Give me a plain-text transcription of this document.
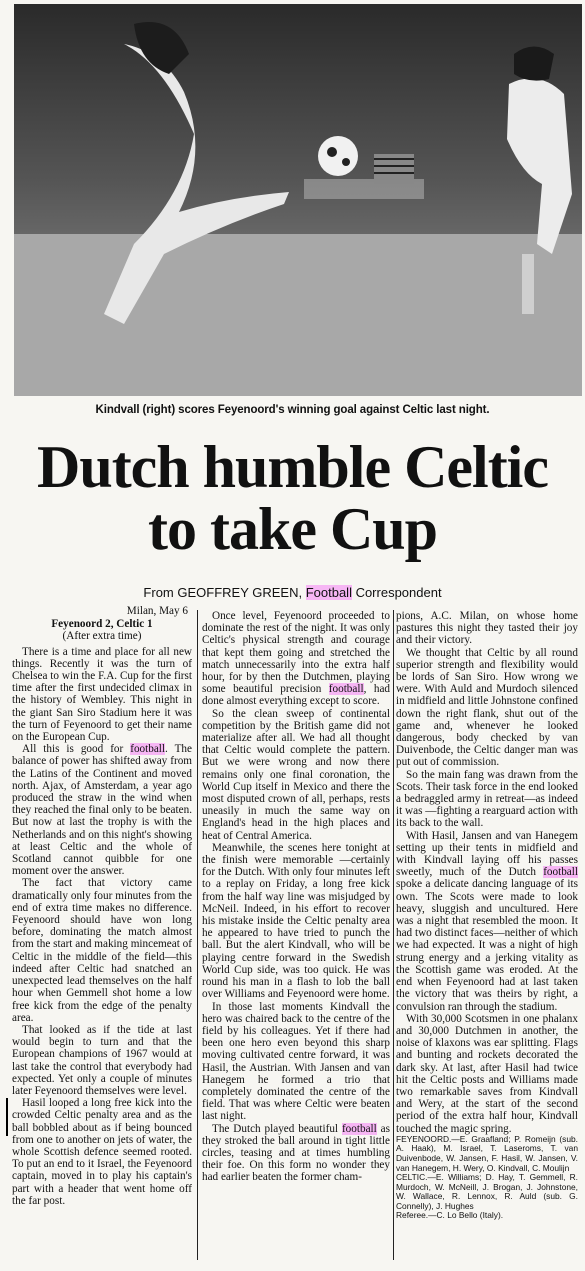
Kindvall (right) scores Feyenoord's winning goal against Celtic last night.
Dutch humble Celtic
to take Cup
From GEOFFREY GREEN, Football Correspondent
Milan, May 6
Feyenoord 2, Celtic 1
(After extra time)

There is a time and place for all new things. Recently it was the turn of Chelsea to win the F.A. Cup for the first time after the first undecided climax in the history of Wembley. This night in the giant San Siro Stadium here it was the turn of Feyenoord to get their name on the European Cup.

All this is good for football. The balance of power has shifted away from the Latins of the Continent and moved north. Ajax, of Amsterdam, a year ago produced the straw in the wind when they reached the final only to be beaten. But now at last the trophy is with the Netherlands and on this night's showing at least Celtic and the whole of Scotland cannot quibble for one moment over the answer.

The fact that victory came dramatically only four minutes from the end of extra time makes no difference. Feyenoord should have won long before, dominating the match almost from the start and making mincemeat of Celtic in the middle of the field—this indeed after Celtic had snatched an unexpected lead themselves on the half hour when Gemmell shot home a low free kick from the edge of the penalty area.

That looked as if the tide at last would begin to turn and that the European champions of 1967 would at last take the control that everybody had expected. Yet only a couple of minutes later Feyenoord themselves were level.

Hasil looped a long free kick into the crowded Celtic penalty area and as the ball bobbled about as if being bounced from one to another on jets of water, the whole Scottish defence seemed rooted. To put an end to it Israel, the Feyenoord captain, moved in to play his captain's part with a header that went home off the far post.

Once level, Feyenoord proceeded to dominate the rest of the night. It was only Celtic's physical strength and courage that kept them going and stretched the match unnecessarily into the extra half hour, for by then the Dutchmen, playing some beautiful precision football, had done almost everything except to score.

So the clean sweep of continental competition by the British game did not materialize after all. We had all thought that Celtic would complete the pattern. But we were wrong and now there remains only one final coronation, the World Cup itself in Mexico and there the most disputed crown of all, perhaps, rests uneasily in much the same way on England's head in the high places and heat of Central America.

Meanwhile, the scenes here tonight at the finish were memorable —certainly for the Dutch. With only four minutes left to a replay on Friday, a long free kick from the half way line was misjudged by McNeil. Indeed, in his effort to recover his mistake inside the Celtic penalty area he appeared to have tried to punch the ball. But the alert Kindvall, who will be playing centre forward in the Swedish World Cup side, was too quick. He was round his man in a flash to lob the ball over Williams and Feyenoord were home.

In those last moments Kindvall the hero was chaired back to the centre of the field by his colleagues. Yet if there had been one hero even beyond this sharp moving cultivated centre forward, it was Hasil, the Austrian. With Jansen and van Hanegem he formed a trio that completely dominated the centre of the field. That was where Celtic were beaten last night.

The Dutch played beautiful football as they stroked the ball around in tight little circles, teasing and at times humbling their foe. On this form no wonder they had earlier beaten the former cham-

pions, A.C. Milan, on whose home pastures this night they tasted their joy and their victory.

We thought that Celtic by all round superior strength and flexibility would be lords of San Siro. How wrong we were. With Auld and Murdoch silenced in midfield and little Johnstone confined down the right flank, shut out of the game and, whenever he looked dangerous, body checked by van Duivenbode, the Celtic danger man was put out of commission.

So the main fang was drawn from the Scots. Their task force in the end looked a bedraggled army in retreat—as indeed it was —fighting a rearguard action with its back to the wall.

With Hasil, Jansen and van Hanegem setting up their tents in midfield and with Kindvall laying off his passes sweetly, much of the Dutch football spoke a delicate dancing language of its own. The Scots were made to look heavy, sluggish and uncultured. Here was a night that resembled the moon. It had two distinct faces—neither of which we had expected. It was a night of high strung energy and a jerking vitality as the Scottish game was eroded. At the end when Feyenoord had at last taken the victory that was theirs by right, a convulsion ran through the stadium.

With 30,000 Scotsmen in one phalanx and 30,000 Dutchmen in another, the noise of klaxons was ear splitting. Flags and bunting and rockets decorated the dark sky. At last, after Hasil had twice hit the Celtic posts and Williams made two remarkable saves from Kindvall and Wery, at the start of the second period of the extra half hour, Kindvall touched the magic spring.

FEYENOORD.—E. Graafland; P. Romeijn (sub. A. Haak), M. Israel, T. Laseroms, T. van Duivenbode, W. Jansen, F. Hasil, W. Jansen, V. van Hanegem, H. Wery, O. Kindvall, C. Moulijn

CELTIC.—E. Williams; D. Hay, T. Gemmell, R. Murdoch, W. McNeill, J. Brogan, J. Johnstone, W. Wallace, R. Lennox, R. Auld (sub. G. Connelly), J. Hughes

Referee.—C. Lo Bello (Italy).
